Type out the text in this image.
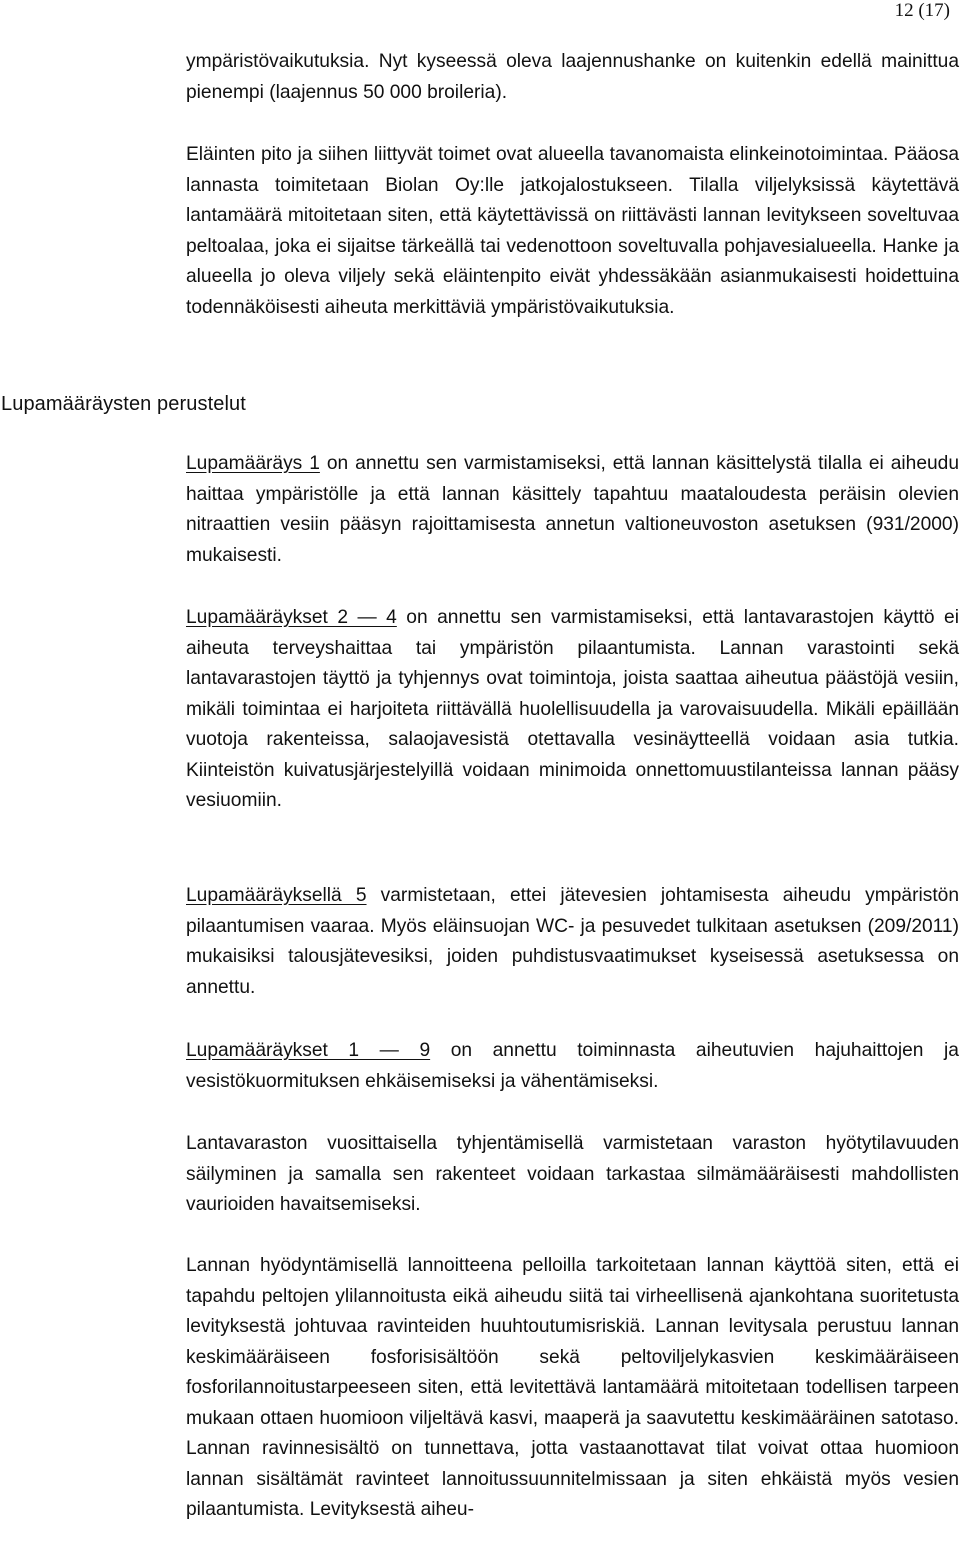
12 (17)

ympäristövaikutuksia. Nyt kyseessä oleva laajennushanke on kuitenkin edellä mainittua pienempi (laajennus 50 000 broileria).

Eläinten pito ja siihen liittyvät toimet ovat alueella tavanomaista elinkeinotoimintaa. Pääosa lannasta toimitetaan Biolan Oy:lle jatkojalostukseen. Tilalla viljelyksissä käytettävä lantamäärä mitoitetaan siten, että käytettävissä on riittävästi lannan levitykseen soveltuvaa peltoalaa, joka ei sijaitse tärkeällä tai vedenottoon soveltuvalla pohjavesialueella. Hanke ja alueella jo oleva viljely sekä eläintenpito eivät yhdessäkään asianmukaisesti hoidettuina todennäköisesti aiheuta merkittäviä ympäristövaikutuksia.

Lupamääräysten perustelut

Lupamääräys 1 on annettu sen varmistamiseksi, että lannan käsittelystä tilalla ei aiheudu haittaa ympäristölle ja että lannan käsittely tapahtuu maataloudesta peräisin olevien nitraattien vesiin pääsyn rajoittamisesta annetun valtioneuvoston asetuksen (931/2000) mukaisesti.

Lupamääräykset 2 — 4 on annettu sen varmistamiseksi, että lantavarastojen käyttö ei aiheuta terveyshaittaa tai ympäristön pilaantumista. Lannan varastointi sekä lantavarastojen täyttö ja tyhjennys ovat toimintoja, joista saattaa aiheutua päästöjä vesiin, mikäli toimintaa ei harjoiteta riittävällä huolellisuudella ja varovaisuudella. Mikäli epäillään vuotoja rakenteissa, salaojavesistä otettavalla vesinäytteellä voidaan asia tutkia. Kiinteistön kuivatusjärjestelyillä voidaan minimoida onnettomuustilanteissa lannan pääsy vesiuomiin.

Lupamääräyksellä 5 varmistetaan, ettei jätevesien johtamisesta aiheudu ympäristön pilaantumisen vaaraa. Myös eläinsuojan WC- ja pesuvedet tulkitaan asetuksen (209/2011) mukaisiksi talousjätevesiksi, joiden puhdistusvaatimukset kyseisessä asetuksessa on annettu.

Lupamääräykset 1 — 9 on annettu toiminnasta aiheutuvien hajuhaittojen ja vesistökuormituksen ehkäisemiseksi ja vähentämiseksi.

Lantavaraston vuosittaisella tyhjentämisellä varmistetaan varaston hyötytilavuuden säilyminen ja samalla sen rakenteet voidaan tarkastaa silmämääräisesti mahdollisten vaurioiden havaitsemiseksi.

Lannan hyödyntämisellä lannoitteena pelloilla tarkoitetaan lannan käyttöä siten, että ei tapahdu peltojen ylilannoitusta eikä aiheudu siitä tai virheellisenä ajankohtana suoritetusta levityksestä johtuvaa ravinteiden huuhtoutumisriskiä. Lannan levitysala perustuu lannan keskimääräiseen fosforisisältöön sekä peltoviljelykasvien keskimääräiseen fosforilannoitustarpeeseen siten, että levitettävä lantamäärä mitoitetaan todellisen tarpeen mukaan ottaen huomioon viljeltävä kasvi, maaperä ja saavutettu keskimääräinen satotaso. Lannan ravinnesisältö on tunnettava, jotta vastaanottavat tilat voivat ottaa huomioon lannan sisältämät ravinteet lannoitussuunnitelmissaan ja siten ehkäistä myös vesien pilaantumista. Levityksestä aiheu-
